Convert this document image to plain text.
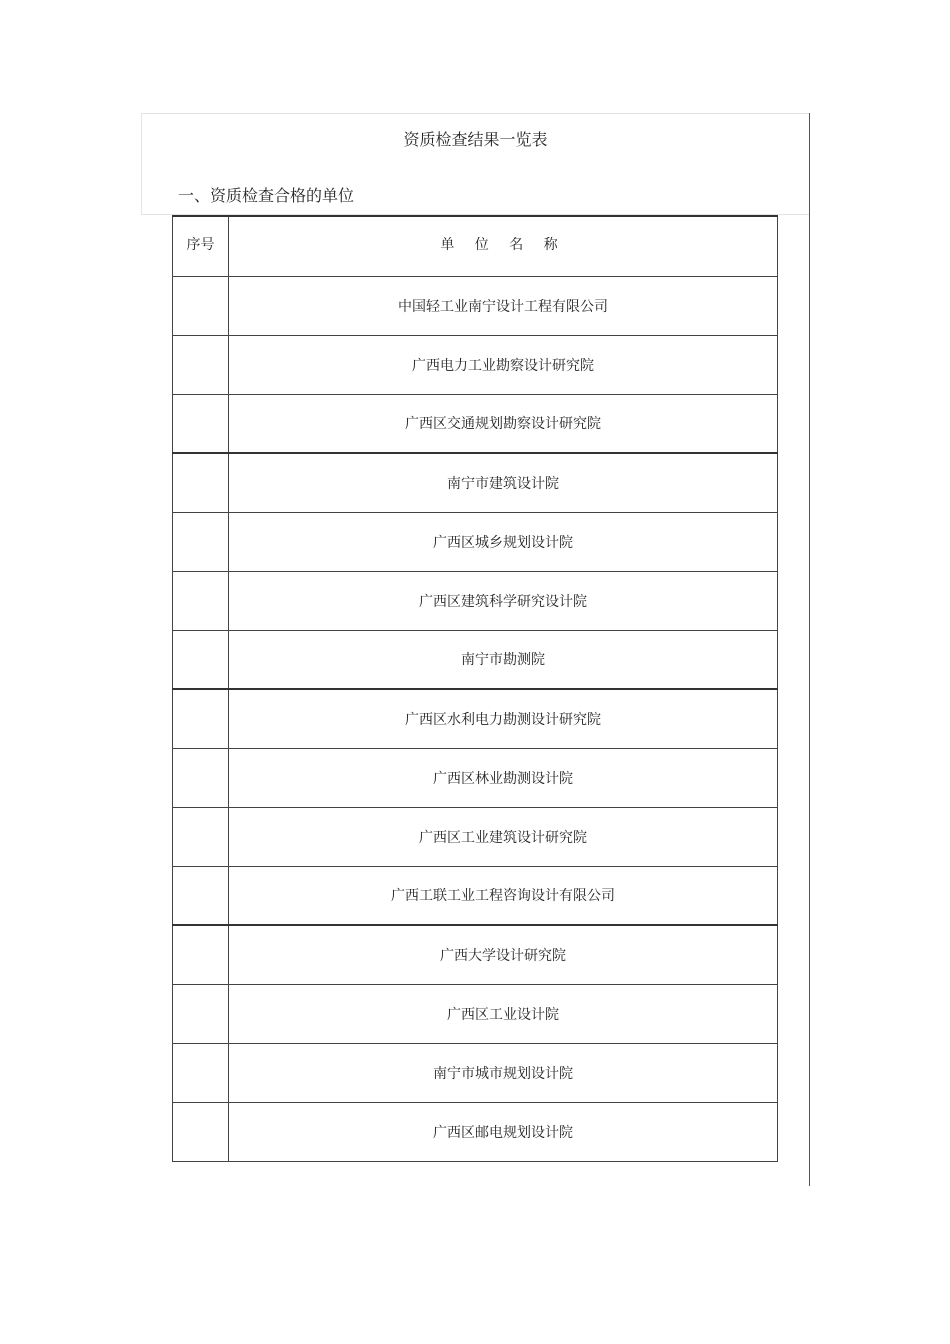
资质检查结果一览表
一、资质检查合格的单位
序号	单 位 名 称
	中国轻工业南宁设计工程有限公司
	广西电力工业勘察设计研究院
	广西区交通规划勘察设计研究院
	南宁市建筑设计院
	广西区城乡规划设计院
	广西区建筑科学研究设计院
	南宁市勘测院
	广西区水利电力勘测设计研究院
	广西区林业勘测设计院
	广西区工业建筑设计研究院
	广西工联工业工程咨询设计有限公司
	广西大学设计研究院
	广西区工业设计院
	南宁市城市规划设计院
	广西区邮电规划设计院
